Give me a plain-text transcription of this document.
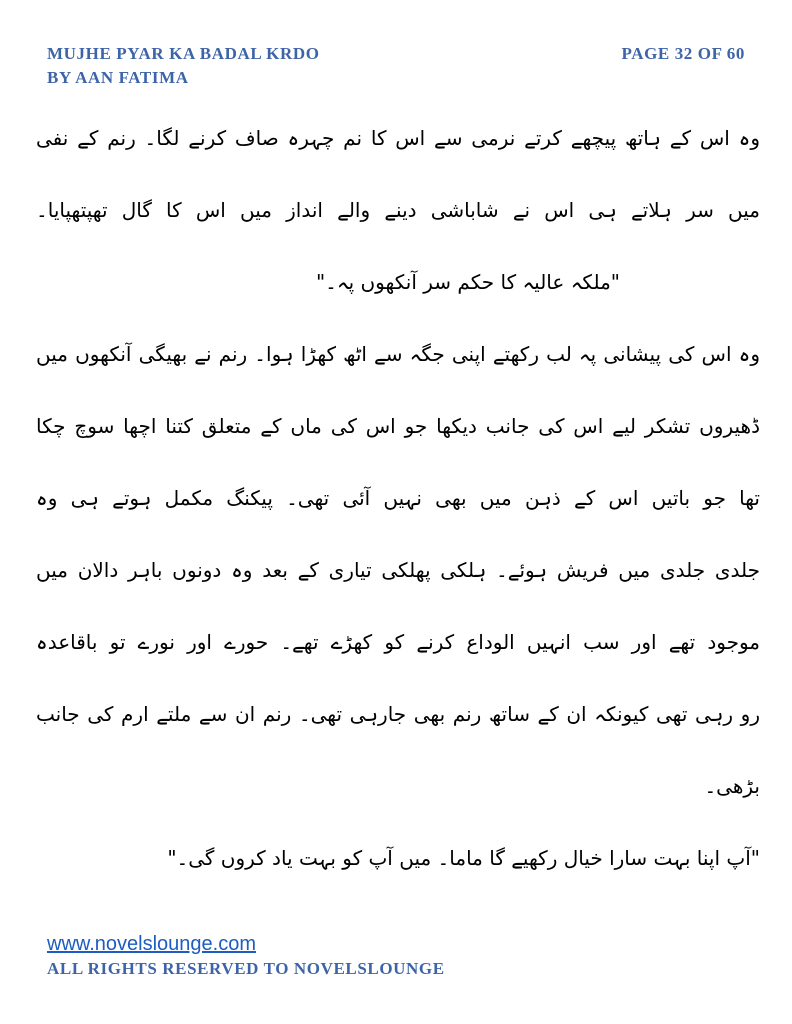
MUJHE PYAR KA BADAL KRDO
BY AAN FATIMA
PAGE 32 OF 60
وہ اس کے ہاتھ پیچھے کرتے نرمی سے اس کا نم چہرہ صاف کرنے لگا۔ رنم کے نفی
میں سر ہلاتے ہی اس نے شاباشی دینے والے انداز میں اس کا گال تھپتھپایا۔
"ملکہ عالیہ کا حکم سر آنکھوں پہ۔"
وہ اس کی پیشانی پہ لب رکھتے اپنی جگہ سے اٹھ کھڑا ہوا۔ رنم نے بھیگی آنکھوں میں
ڈھیروں تشکر لیے اس کی جانب دیکھا جو اس کی ماں کے متعلق کتنا اچھا سوچ چکا
تھا جو باتیں اس کے ذہن میں بھی نہیں آئی تھی۔ پیکنگ مکمل ہوتے ہی وہ
جلدی جلدی میں فریش ہوئے۔ ہلکی پھلکی تیاری کے بعد وہ دونوں باہر دالان میں
موجود تھے اور سب انہیں الوداع کرنے کو کھڑے تھے۔ حورے اور نورے تو باقاعدہ
رو رہی تھی کیونکہ ان کے ساتھ رنم بھی جارہی تھی۔ رنم ان سے ملتے ارم کی جانب
بڑھی۔
"آپ اپنا بہت سارا خیال رکھیے گا ماما۔ میں آپ کو بہت یاد کروں گی۔"
www.novelslounge.com
ALL RIGHTS RESERVED TO NOVELSLOUNGE
